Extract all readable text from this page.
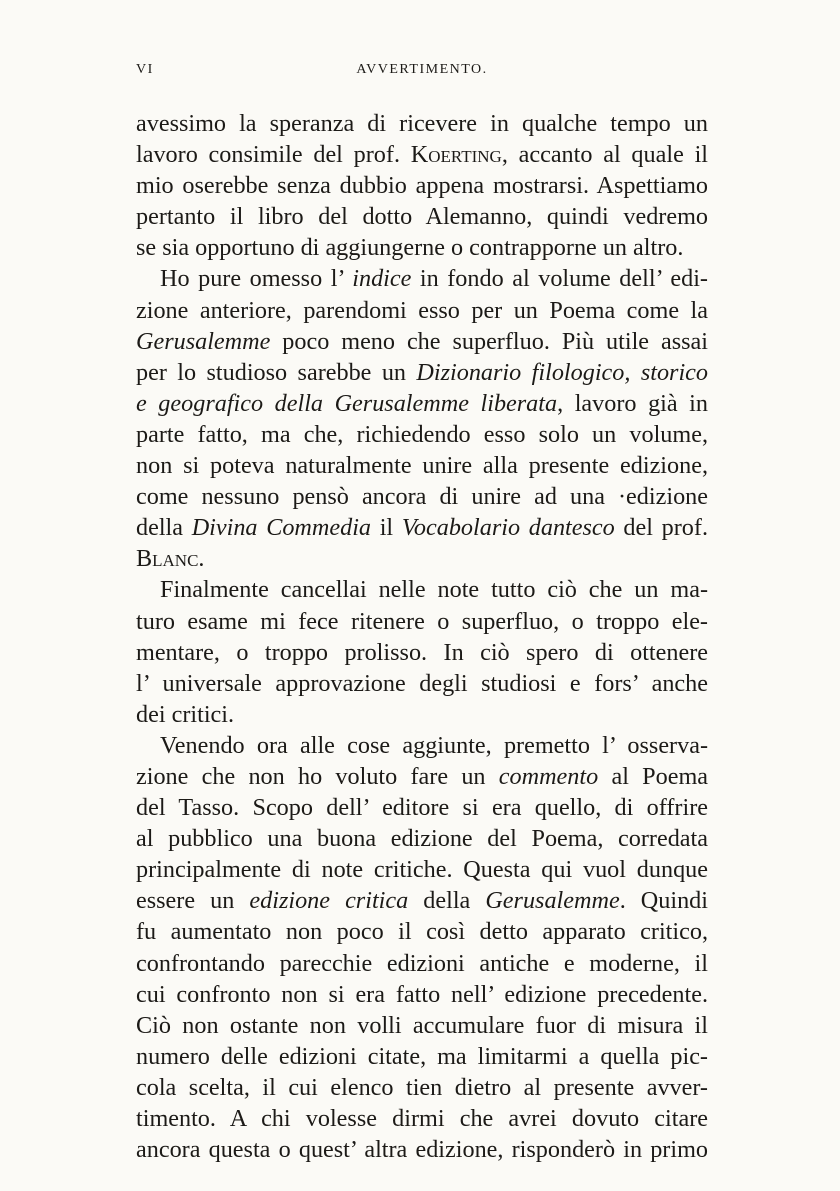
VI	AVVERTIMENTO.

avessimo la speranza di ricevere in qualche tempo un
lavoro consimile del prof. Koerting, accanto al quale il
mio oserebbe senza dubbio appena mostrarsi. Aspettiamo
pertanto il libro del dotto Alemanno, quindi vedremo
se sia opportuno di aggiungerne o contrapporne un altro.

Ho pure omesso l’ indice in fondo al volume dell’ edi-
zione anteriore, parendomi esso per un Poema come la
Gerusalemme poco meno che superfluo. Più utile assai
per lo studioso sarebbe un Dizionario filologico, storico
e geografico della Gerusalemme liberata, lavoro già in
parte fatto, ma che, richiedendo esso solo un volume,
non si poteva naturalmente unire alla presente edizione,
come nessuno pensò ancora di unire ad una ·edizione
della Divina Commedia il Vocabolario dantesco del prof.
Blanc.

Finalmente cancellai nelle note tutto ciò che un ma-
turo esame mi fece ritenere o superfluo, o troppo ele-
mentare, o troppo prolisso. In ciò spero di ottenere
l’ universale approvazione degli studiosi e fors’ anche
dei critici.

Venendo ora alle cose aggiunte, premetto l’ osserva-
zione che non ho voluto fare un commento al Poema
del Tasso. Scopo dell’ editore si era quello, di offrire
al pubblico una buona edizione del Poema, corredata
principalmente di note critiche. Questa qui vuol dunque
essere un edizione critica della Gerusalemme. Quindi
fu aumentato non poco il così detto apparato critico,
confrontando parecchie edizioni antiche e moderne, il
cui confronto non si era fatto nell’ edizione precedente.
Ciò non ostante non volli accumulare fuor di misura il
numero delle edizioni citate, ma limitarmi a quella pic-
cola scelta, il cui elenco tien dietro al presente avver-
timento. A chi volesse dirmi che avrei dovuto citare
ancora questa o quest’ altra edizione, risponderò in primo
